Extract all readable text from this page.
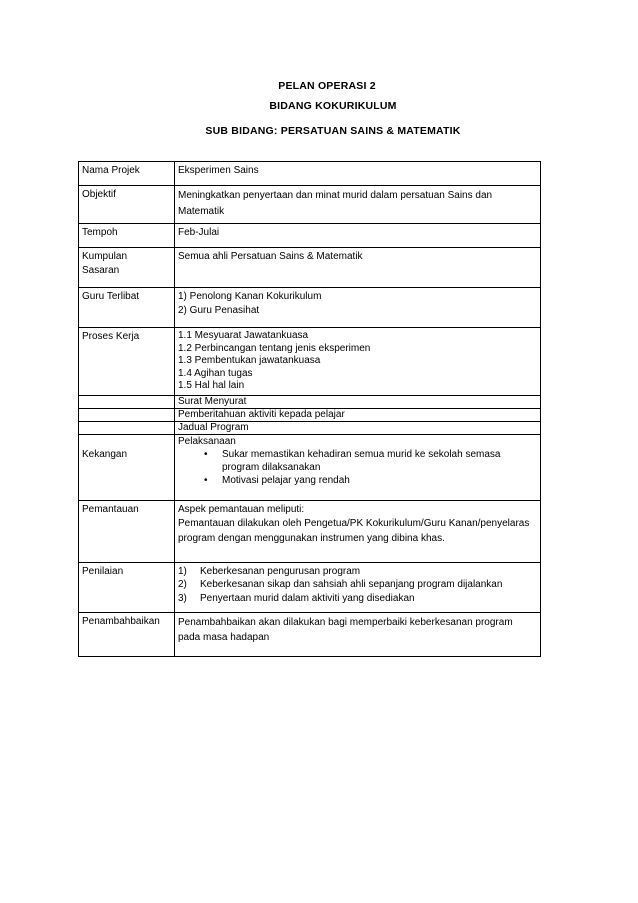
PELAN OPERASI 2
BIDANG KOKURIKULUM
SUB BIDANG: PERSATUAN SAINS & MATEMATIK
Nama Projek	Eksperimen Sains
Objektif	Meningkatkan penyertaan dan minat murid dalam persatuan Sains dan Matematik
Tempoh	Feb-Julai

Kumpulan
Sasaran	Semua ahli Persatuan Sains & Matematik
Guru Terlibat	1) Penolong Kanan Kokurikulum
2) Guru Penasihat

Proses Kerja	1.1 Mesyuarat Jawatankuasa
1.2 Perbincangan tentang jenis eksperimen
1.3 Pembentukan jawatankuasa
1.4 Agihan tugas
1.5 Hal hal lain

	Surat Menyurat
	Pemberitahuan aktiviti kepada pelajar
	Jadual Program
Kekangan	Pelaksanaan
• Sukar memastikan kehadiran semua murid ke sekolah semasa program dilaksanakan
• Motivasi pelajar yang rendah

Pemantauan	Aspek pemantauan meliputi:
Pemantauan dilakukan oleh Pengetua/PK Kokurikulum/Guru Kanan/penyelaras program dengan menggunakan instrumen yang dibina khas.

Penilaian	1) Keberkesanan pengurusan program
2) Keberkesanan sikap dan sahsiah ahli sepanjang program dijalankan
3) Penyertaan murid dalam aktiviti yang disediakan

Penambahbaikan	Penambahbaikan akan dilakukan bagi memperbaiki keberkesanan program pada masa hadapan
